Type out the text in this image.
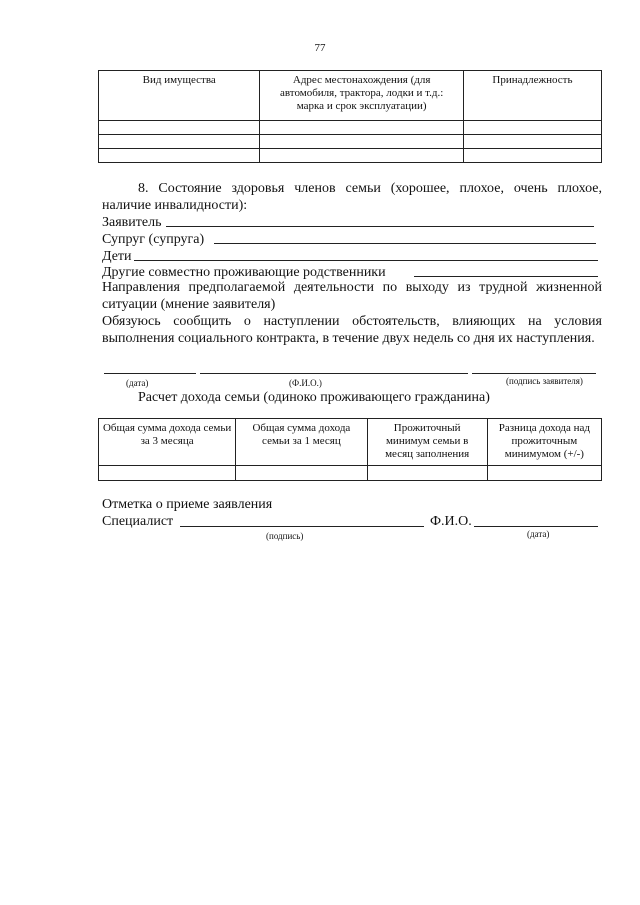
77
Вид имущества	Адрес местонахождения (для автомобиля, трактора, лодки и т.д.: марка и срок эксплуатации)	Принадлежность

8. Состояние здоровья членов семьи (хорошее, плохое, очень плохое, наличие инвалидности):
Заявитель
Супруг (супруга)
Дети
Другие совместно проживающие родственники
Направления предполагаемой деятельности по выходу из трудной жизненной ситуации (мнение заявителя)
Обязуюсь сообщить о наступлении обстоятельств, влияющих на условия выполнения социального контракта, в течение двух недель со дня их наступления.
(дата)	(Ф.И.О.)	(подпись заявителя)
Расчет дохода семьи (одиноко проживающего гражданина)
Общая сумма дохода семьи за 3 месяца	Общая сумма дохода семьи за 1 месяц	Прожиточный минимум семьи в месяц заполнения	Разница дохода над прожиточным минимумом (+/-)

Отметка о приеме заявления
Специалист	Ф.И.О.
(подпись)	(дата)
